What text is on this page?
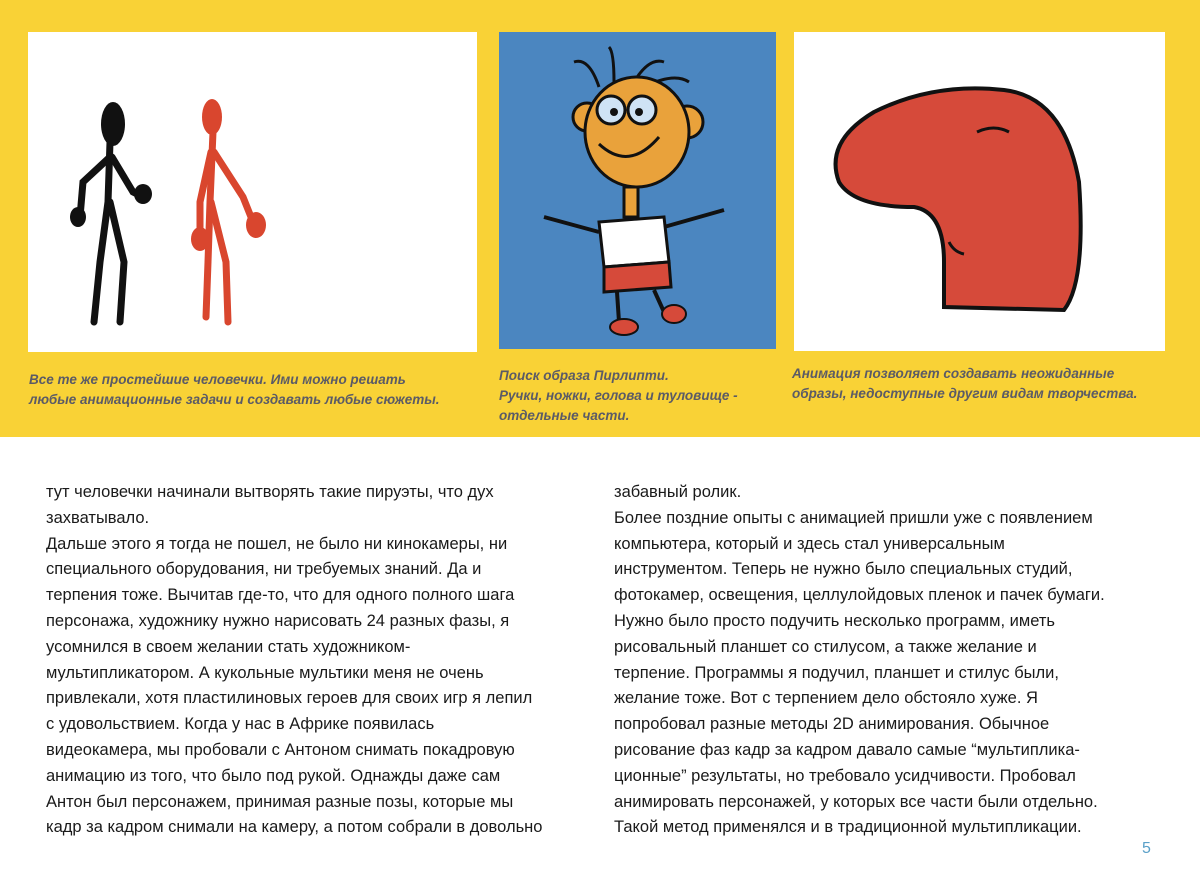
Все те же простейшие человечки. Ими можно решать
любые анимационные задачи и создавать любые сюжеты.
Поиск образа Пирлипти.
Ручки, ножки, голова и туловище -
отдельные части.
Анимация позволяет создавать неожиданные
образы, недоступные другим видам творчества.
тут человечки начинали вытворять такие пируэты, что дух
захватывало.
Дальше этого я тогда не пошел, не было ни кинокамеры, ни
специального оборудования, ни требуемых знаний. Да и
терпения тоже. Вычитав где-то, что для одного полного шага
персонажа, художнику нужно нарисовать 24 разных фазы, я
усомнился в своем желании стать художником-
мультипликатором. А кукольные мультики меня не очень
привлекали, хотя пластилиновых героев для своих игр я лепил
с удовольствием. Когда у нас в Африке появилась
видеокамера, мы пробовали с Антоном снимать покадровую
анимацию из того, что было под рукой. Однажды даже сам
Антон был персонажем, принимая разные позы, которые мы
кадр за кадром снимали на камеру, а потом собрали в довольно
забавный ролик.
Более поздние опыты с анимацией пришли уже с появлением
компьютера, который и здесь стал универсальным
инструментом. Теперь не нужно было специальных студий,
фотокамер, освещения, целлулойдовых пленок и пачек бумаги.
Нужно было просто подучить несколько программ, иметь
рисовальный планшет со стилусом, а также желание и
терпение. Программы я подучил, планшет и стилус были,
желание тоже. Вот с терпением дело обстояло хуже. Я
попробовал разные методы 2D анимирования. Обычное
рисование фаз кадр за кадром давало самые “мультиплика-
ционные” результаты, но требовало усидчивости. Пробовал
анимировать персонажей, у которых все части были отдельно.
Такой метод применялся и в традиционной мультипликации.
5
